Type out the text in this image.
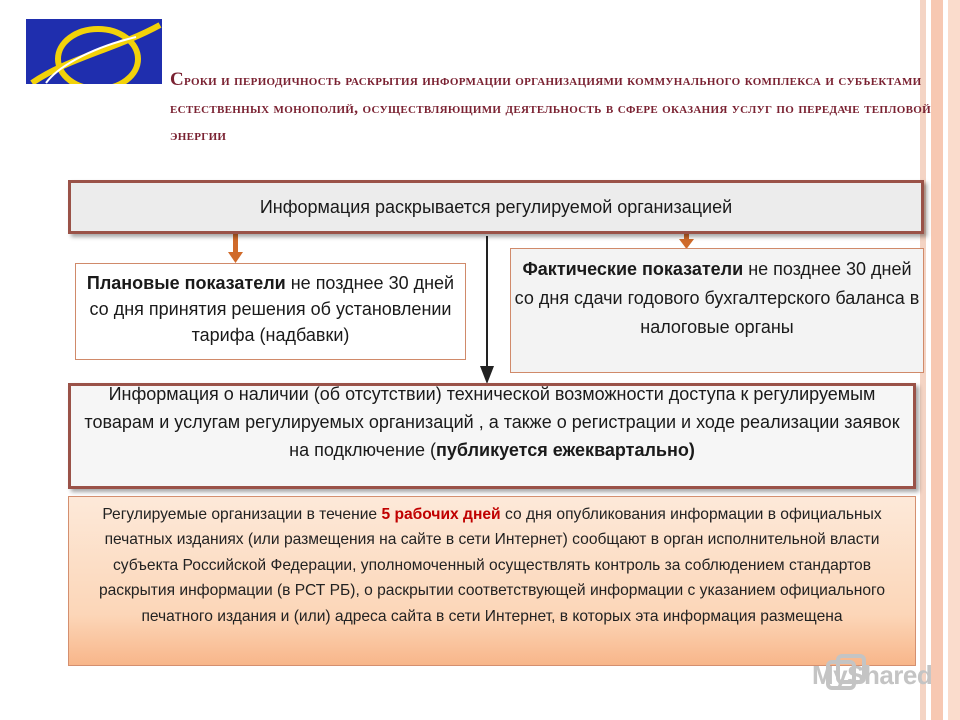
Сроки и периодичность раскрытия информации организациями коммунального комплекса и субъектами естественных монополий, осуществляющими деятельность в сфере оказания услуг по передаче тепловой энергии
Информация раскрывается регулируемой организацией
Плановые показатели не позднее 30 дней со дня принятия решения об установлении тарифа (надбавки)
Фактические показатели не позднее 30 дней со дня сдачи годового бухгалтерского баланса в налоговые органы
Информация о наличии (об отсутствии) технической возможности доступа к регулируемым товарам и услугам регулируемых организаций , а также о регистрации и ходе реализации заявок на подключение (публикуется ежеквартально)
Регулируемые организации в течение 5 рабочих дней со дня опубликования информации в официальных печатных изданиях (или размещения на сайте в сети Интернет) сообщают в орган исполнительной власти субъекта Российской Федерации, уполномоченный осуществлять контроль за соблюдением стандартов раскрытия информации (в РСТ РБ), о раскрытии соответствующей информации с указанием официального печатного издания и (или) адреса сайта в сети Интернет, в которых эта информация размещена
MyShared
